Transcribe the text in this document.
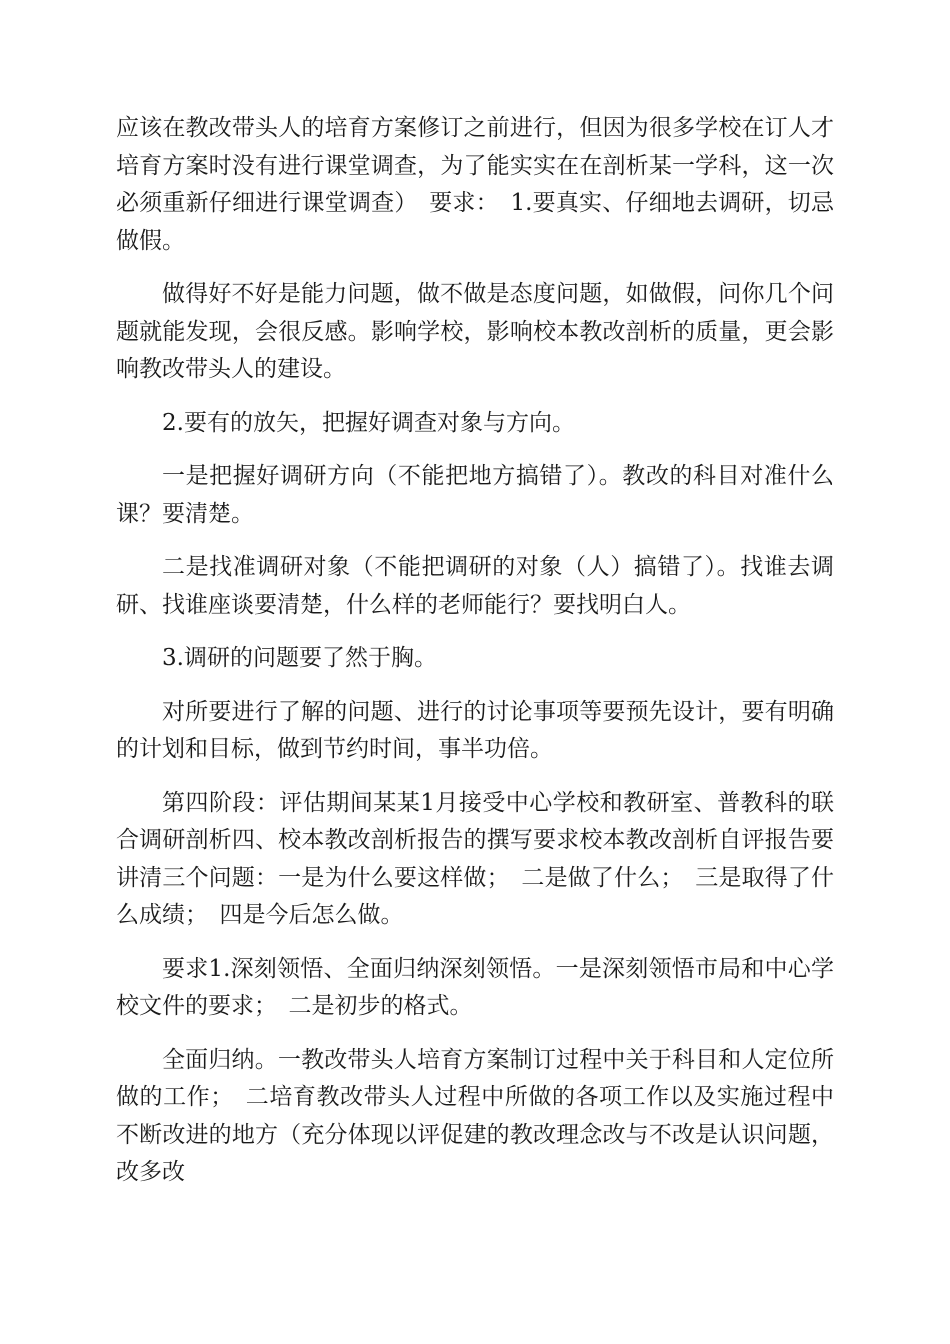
应该在教改带头人的培育方案修订之前进行，但因为很多学校在订人才培育方案时没有进行课堂调查，为了能实实在在剖析某一学科，这一次必须重新仔细进行课堂调查）　要求：　1.要真实、仔细地去调研，切忌做假。

做得好不好是能力问题，做不做是态度问题，如做假，问你几个问题就能发现，会很反感。影响学校，影响校本教改剖析的质量，更会影响教改带头人的建设。

2.要有的放矢，把握好调查对象与方向。

一是把握好调研方向（不能把地方搞错了）。教改的科目对准什么课？要清楚。

二是找准调研对象（不能把调研的对象（人）搞错了）。找谁去调研、找谁座谈要清楚，什么样的老师能行？要找明白人。

3.调研的问题要了然于胸。

对所要进行了解的问题、进行的讨论事项等要预先设计，要有明确的计划和目标，做到节约时间，事半功倍。

第四阶段：评估期间某某1月接受中心学校和教研室、普教科的联合调研剖析四、校本教改剖析报告的撰写要求校本教改剖析自评报告要讲清三个问题：一是为什么要这样做；　二是做了什么；　三是取得了什么成绩；　四是今后怎么做。

要求1.深刻领悟、全面归纳深刻领悟。一是深刻领悟市局和中心学校文件的要求；　二是初步的格式。

全面归纳。一教改带头人培育方案制订过程中关于科目和人定位所做的工作；　二培育教改带头人过程中所做的各项工作以及实施过程中不断改进的地方（充分体现以评促建的教改理念改与不改是认识问题，改多改
